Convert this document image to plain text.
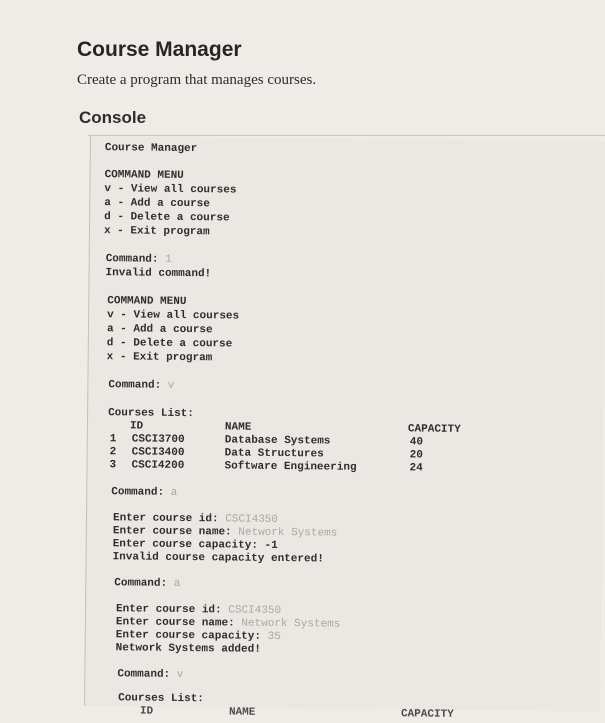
Course Manager
Create a program that manages courses.
Console
Course Manager
COMMAND MENU
v - View all courses
a - Add a course
d - Delete a course
x - Exit program
Command: 1
Invalid command!
COMMAND MENU
v - View all courses
a - Add a course
d - Delete a course
x - Exit program
Command: v
Courses List:
ID	NAME	CAPACITY
1 CSCI3700	Database Systems	40
2 CSCI3400	Data Structures	20
3 CSCI4200	Software Engineering	24
Command: a
Enter course id: CSCI4350
Enter course name: Network Systems
Enter course capacity: -1
Invalid course capacity entered!
Command: a
Enter course id: CSCI4350
Enter course name: Network Systems
Enter course capacity: 35
Network Systems added!
Command: v
Courses List:
ID	NAME	CAPACITY
